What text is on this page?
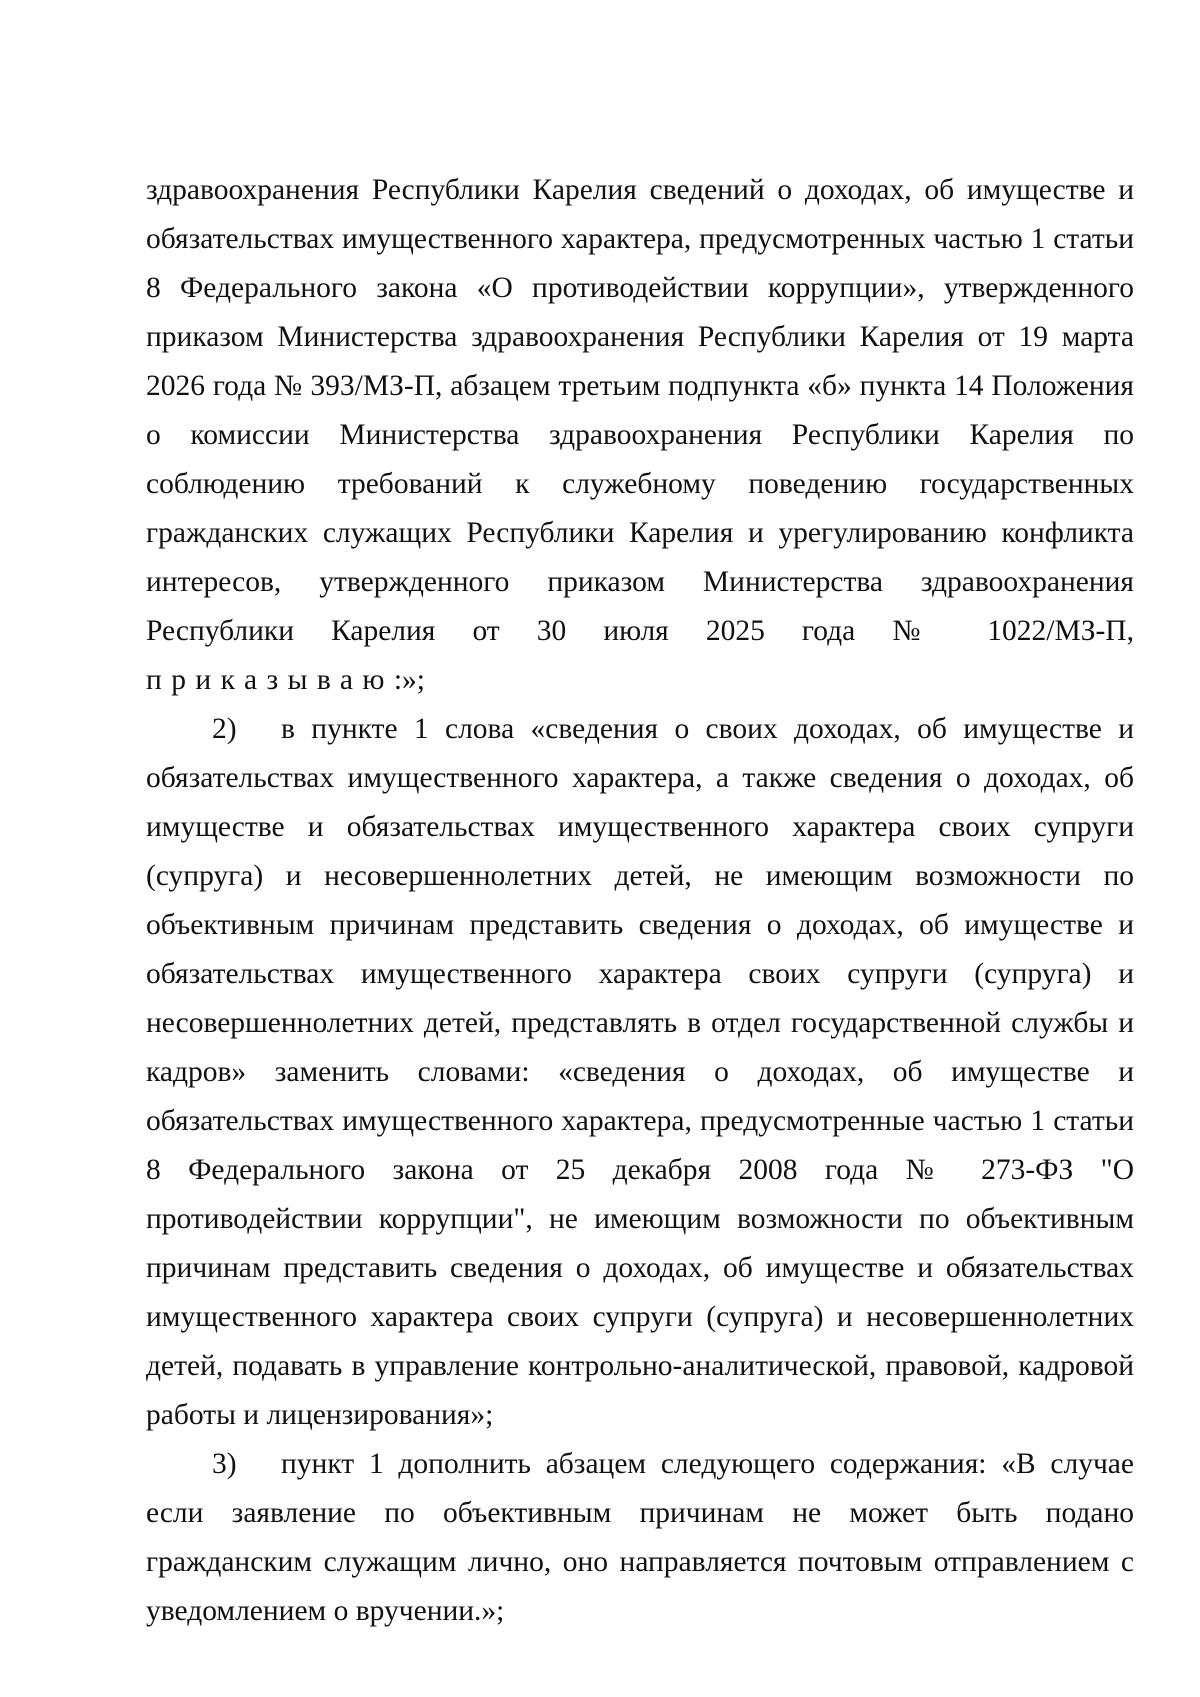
здравоохранения Республики Карелия сведений о доходах, об имуществе и обязательствах имущественного характера, предусмотренных частью 1 статьи 8 Федерального закона «О противодействии коррупции», утвержденного приказом Министерства здравоохранения Республики Карелия от 19 марта 2026 года № 393/МЗ-П, абзацем третьим подпункта «б» пункта 14 Положения о комиссии Министерства здравоохранения Республики Карелия по соблюдению требований к служебному поведению государственных гражданских служащих Республики Карелия и урегулированию конфликта интересов, утвержденного приказом Министерства здравоохранения Республики Карелия от 30 июля 2025 года № 1022/МЗ-П, приказываю:»;

2) в пункте 1 слова «сведения о своих доходах, об имуществе и обязательствах имущественного характера, а также сведения о доходах, об имуществе и обязательствах имущественного характера своих супруги (супруга) и несовершеннолетних детей, не имеющим возможности по объективным причинам представить сведения о доходах, об имуществе и обязательствах имущественного характера своих супруги (супруга) и несовершеннолетних детей, представлять в отдел государственной службы и кадров» заменить словами: «сведения о доходах, об имуществе и обязательствах имущественного характера, предусмотренные частью 1 статьи 8 Федерального закона от 25 декабря 2008 года № 273-ФЗ "О противодействии коррупции", не имеющим возможности по объективным причинам представить сведения о доходах, об имуществе и обязательствах имущественного характера своих супруги (супруга) и несовершеннолетних детей, подавать в управление контрольно-аналитической, правовой, кадровой работы и лицензирования»;

3) пункт 1 дополнить абзацем следующего содержания: «В случае если заявление по объективным причинам не может быть подано гражданским служащим лично, оно направляется почтовым отправлением с уведомлением о вручении.»;
